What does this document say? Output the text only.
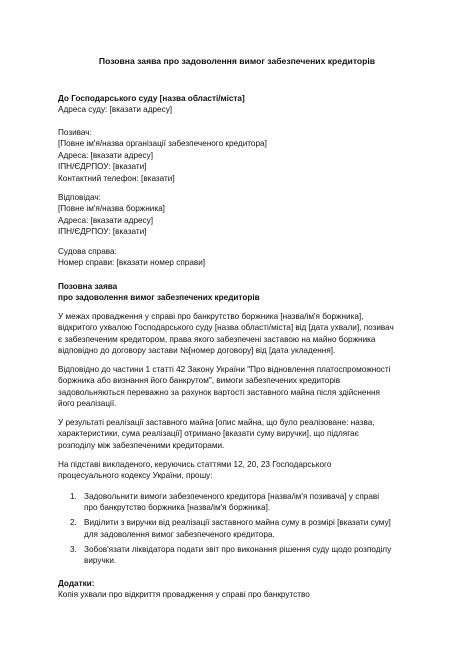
Позовна заява про задоволення вимог забезпечених кредиторів
До Господарського суду [назва області/міста]
Адреса суду: [вказати адресу]
Позивач:
[Повне ім'я/назва організації забезпеченого кредитора]
Адреса: [вказати адресу]
ІПН/ЄДРПОУ: [вказати]
Контактний телефон: [вказати]
Відповідач:
[Повне ім'я/назва боржника]
Адреса: [вказати адресу]
ІПН/ЄДРПОУ: [вказати]
Судова справа:
Номер справи: [вказати номер справи]
Позовна заява
про задоволення вимог забезпечених кредиторів
У межах провадження у справі про банкрутство боржника [назва/ім'я боржника],
відкритого ухвалою Господарського суду [назва області/міста] від [дата ухвали], позивач
є забезпеченим кредитором, права якого забезпечені заставою на майно боржника
відповідно до договору застави №[номер договору] від [дата укладення].
Відповідно до частини 1 статті 42 Закону України "Про відновлення платоспроможності
боржника або визнання його банкрутом", вимоги забезпечених кредиторів
задовольняються переважно за рахунок вартості заставного майна після здійснення
його реалізації.
У результаті реалізації заставного майна [опис майна, що було реалізоване: назва,
характеристики, сума реалізації] отримано [вказати суму виручки], що підлягає
розподілу між забезпеченими кредиторами.
На підставі викладеного, керуючись статтями 12, 20, 23 Господарського
процесуального кодексу України, прошу:
1. Задовольнити вимоги забезпеченого кредитора [назва/ім'я позивача] у справі
про банкрутство боржника [назва/ім'я боржника].
2. Виділити з виручки від реалізації заставного майна суму в розмірі [вказати суму]
для задоволення вимог забезпеченого кредитора.
3. Зобов'язати ліквідатора подати звіт про виконання рішення суду щодо розподілу
виручки.
Додатки:
Копія ухвали про відкриття провадження у справі про банкрутство
